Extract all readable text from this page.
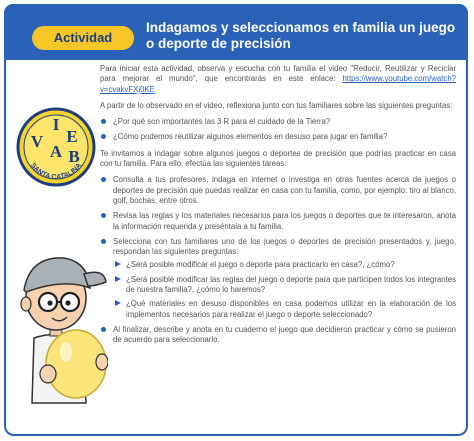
Actividad
Indagamos y seleccionamos en familia un juego o deporte de precisión
I
E
V
A B
SANTA CATALINA

Para iniciar esta actividad, observa y escucha con tu familia el video "Reducir, Reutilizar y Reciclar para mejorar el mundo", que encontrarás en este enlace: https://www.youtube.com/watch?v=cvakvFXj0KE

A partir de lo observado en el video, reflexiona junto con tus familiares sobre las siguientes preguntas:

¿Por qué son importantes las 3 R para el cuidado de la Tierra?
¿Cómo podemos reutilizar algunos elementos en desuso para jugar en familia?

Te invitamos a indagar sobre algunos juegos o deportes de precisión que podrías practicar en casa con tu familia. Para ello, efectúa las siguientes tareas:

Consulta a tus profesores, indaga en internet o investiga en otras fuentes acerca de juegos o deportes de precisión que puedas realizar en casa con tu familia, como, por ejemplo: tiro al blanco, golf, bochas, entre otros.
Revisa las reglas y los materiales necesarios para los juegos o deportes que te interesaron, anota la información requerida y preséntala a tu familia.
Selecciona con tus familiares uno de los juegos o deportes de precisión presentados y, juego, respondan las siguientes preguntas:
¿Será posible modificar el juego o deporte para practicarlo en casa?, ¿cómo?
¿Será posible modificar las reglas del juego o deporte para que participen todos los integrantes de nuestra familia?, ¿cómo lo haremos?
¿Qué materiales en desuso disponibles en casa podemos utilizar en la elaboración de los implementos necesarios para realizar el juego o deporte seleccionado?
Al finalizar, describe y anota en tu cuaderno el juego que decidieron practicar y cómo se pusieron de acuerdo para seleccionarlo.
